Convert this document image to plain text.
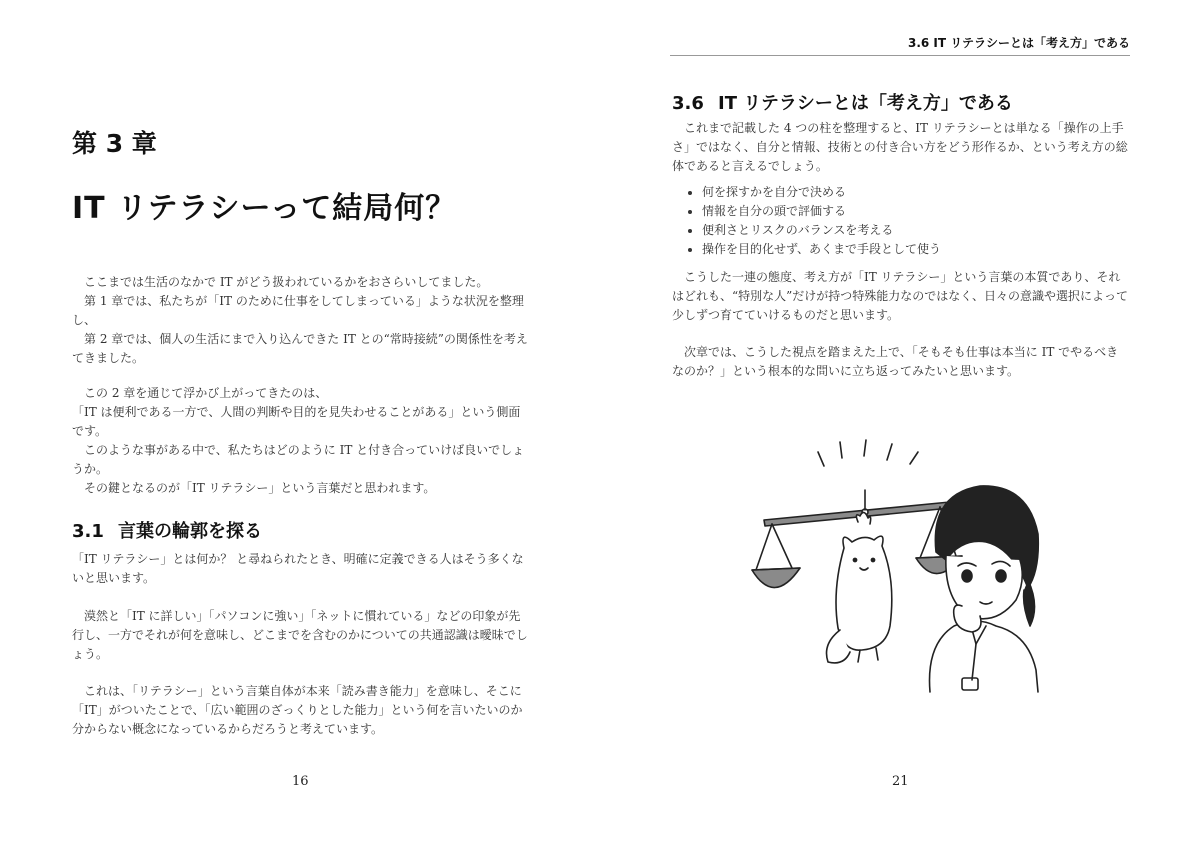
第 3 章
IT リテラシーって結局何？

　ここまでは生活のなかで IT がどう扱われているかをおさらいしてました。

　第 1 章では、私たちが「IT のために仕事をしてしまっている」ような状況を整理し、

　第 2 章では、個人の生活にまで入り込んできた IT との“常時接続”の関係性を考えてきました。

　この 2 章を通じて浮かび上がってきたのは、

「IT は便利である一方で、人間の判断や目的を見失わせることがある」という側面です。

　このような事がある中で、私たちはどのように IT と付き合っていけば良いでしょうか。

　その鍵となるのが「IT リテラシー」という言葉だと思われます。

3.1 言葉の輪郭を探る
「IT リテラシー」とは何か？ と尋ねられたとき、明確に定義できる人はそう多くないと思います。
　漠然と「IT に詳しい」「パソコンに強い」「ネットに慣れている」などの印象が先行し、一方でそれが何を意味し、どこまでを含むのかについての共通認識は曖昧でしょう。
　これは、「リテラシー」という言葉自体が本来「読み書き能力」を意味し、そこに「IT」がついたことで、「広い範囲のざっくりとした能力」という何を言いたいのか分からない概念になっているからだろうと考えています。
16
3.6 IT リテラシーとは「考え方」である
3.6 IT リテラシーとは「考え方」である
　これまで記載した 4 つの柱を整理すると、IT リテラシーとは単なる「操作の上手さ」ではなく、自分と情報、技術との付き合い方をどう形作るか、という考え方の総体であると言えるでしょう。
• 何を探すかを自分で決める
• 情報を自分の頭で評価する
• 便利さとリスクのバランスを考える
• 操作を目的化せず、あくまで手段として使う
　こうした一連の態度、考え方が「IT リテラシー」という言葉の本質であり、それはどれも、“特別な人”だけが持つ特殊能力なのではなく、日々の意識や選択によって少しずつ育てていけるものだと思います。
　次章では、こうした視点を踏まえた上で、「そもそも仕事は本当に IT でやるべきなのか？」という根本的な問いに立ち返ってみたいと思います。
21
